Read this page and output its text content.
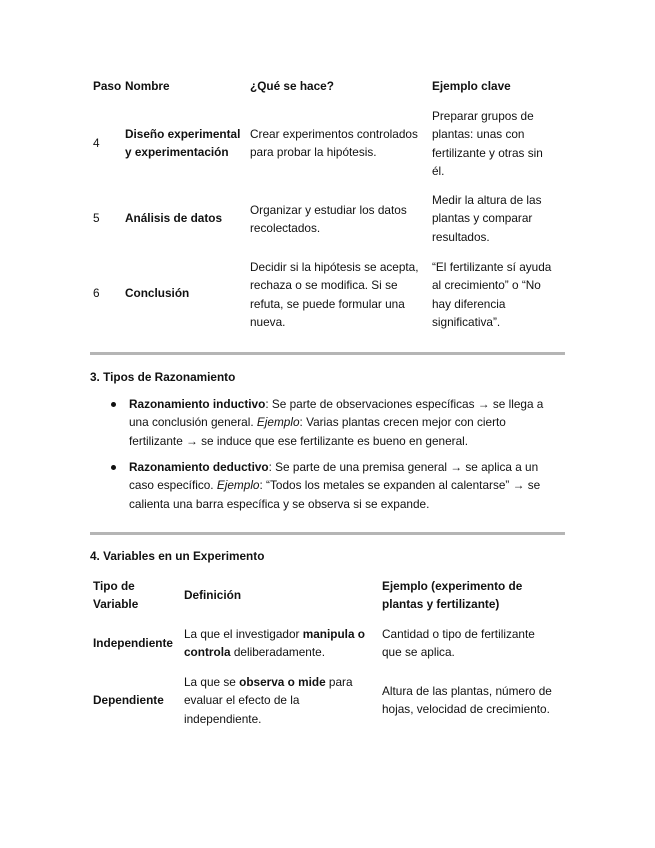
Paso Nombre	¿Qué se hace?	Ejemplo clave
4
Diseño experimental
y experimentación
Crear experimentos controlados
para probar la hipótesis.
Preparar grupos de
plantas: unas con
fertilizante y otras sin
él.
5 Análisis de datos
Organizar y estudiar los datos
recolectados.
Medir la altura de las
plantas y comparar
resultados.
6 Conclusión
Decidir si la hipótesis se acepta,
rechaza o se modifica. Si se
refuta, se puede formular una
nueva.
“El fertilizante sí ayuda
al crecimiento” o “No
hay diferencia
significativa”.
3. Tipos de Razonamiento
Razonamiento inductivo: Se parte de observaciones específicas → se llega a
una conclusión general. Ejemplo: Varias plantas crecen mejor con cierto
fertilizante → se induce que ese fertilizante es bueno en general.
Razonamiento deductivo: Se parte de una premisa general → se aplica a un
caso específico. Ejemplo: “Todos los metales se expanden al calentarse” → se
calienta una barra específica y se observa si se expande.
4. Variables en un Experimento
Tipo de
Variable
Definición
Ejemplo (experimento de
plantas y fertilizante)
Independiente
La que el investigador manipula o
controla deliberadamente.
Cantidad o tipo de fertilizante
que se aplica.
Dependiente
La que se observa o mide para
evaluar el efecto de la
independiente.
Altura de las plantas, número de
hojas, velocidad de crecimiento.
